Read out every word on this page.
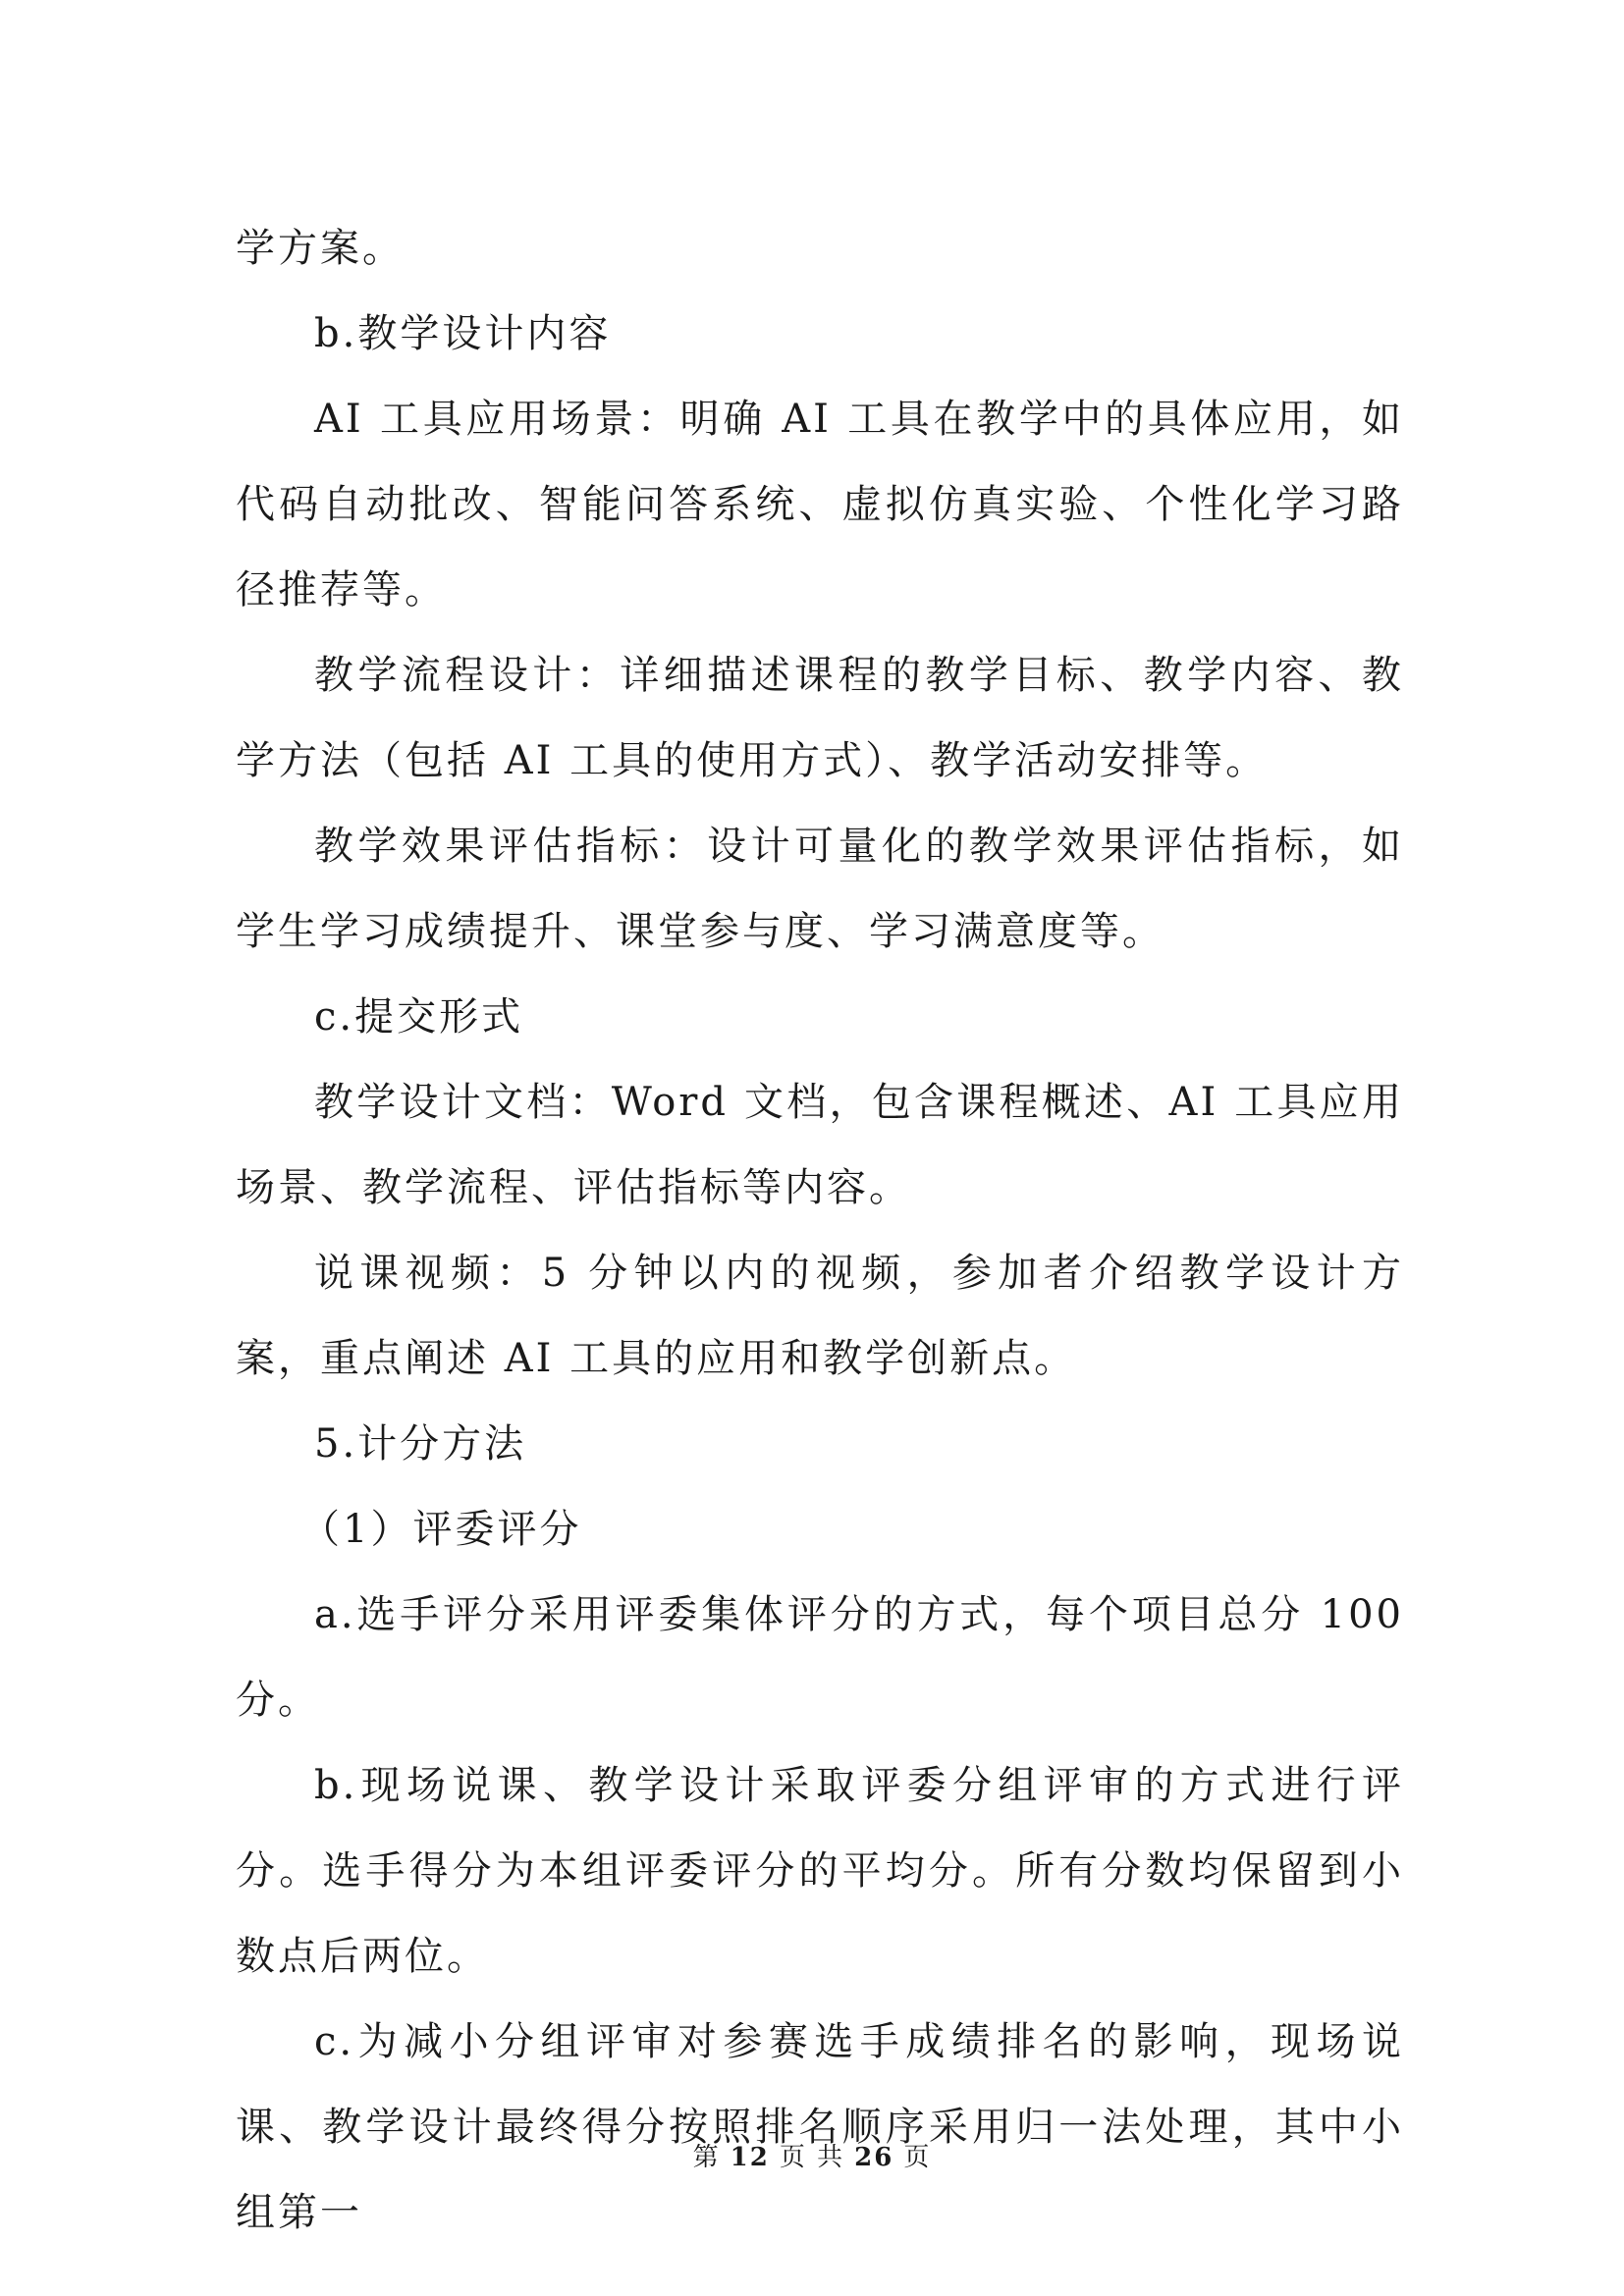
学方案。

b.教学设计内容

AI 工具应用场景：明确 AI 工具在教学中的具体应用，如代码自动批改、智能问答系统、虚拟仿真实验、个性化学习路径推荐等。

教学流程设计：详细描述课程的教学目标、教学内容、教学方法（包括 AI 工具的使用方式）、教学活动安排等。

教学效果评估指标：设计可量化的教学效果评估指标，如学生学习成绩提升、课堂参与度、学习满意度等。

c.提交形式

教学设计文档：Word 文档，包含课程概述、AI 工具应用场景、教学流程、评估指标等内容。

说课视频：5 分钟以内的视频，参加者介绍教学设计方案，重点阐述 AI 工具的应用和教学创新点。

5.计分方法

（1）评委评分

a.选手评分采用评委集体评分的方式，每个项目总分 100 分。

b.现场说课、教学设计采取评委分组评审的方式进行评分。选手得分为本组评委评分的平均分。所有分数均保留到小数点后两位。

c.为减小分组评审对参赛选手成绩排名的影响，现场说课、教学设计最终得分按照排名顺序采用归一法处理，其中小组第一

第 12 页 共 26 页
